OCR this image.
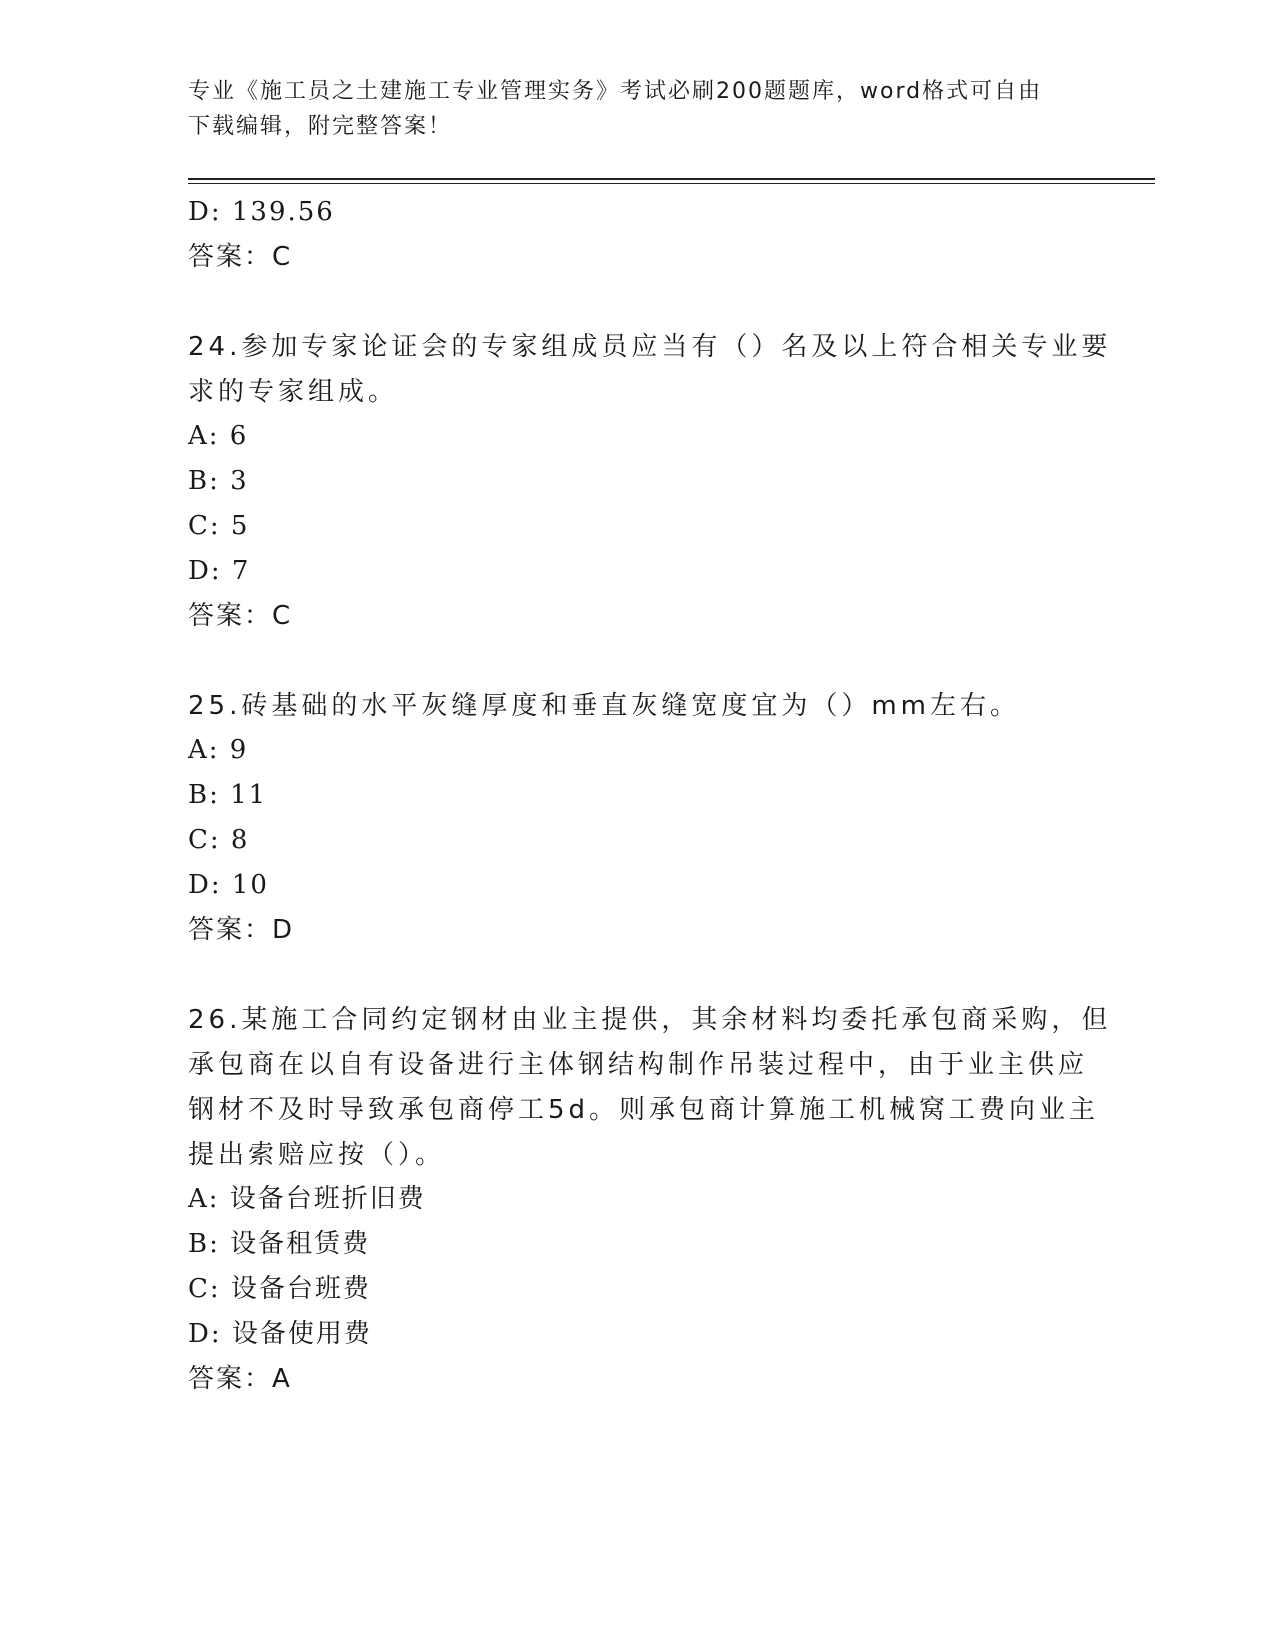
专业《施工员之土建施工专业管理实务》考试必刷200题题库，word格式可自由
下载编辑，附完整答案！
D: 139.56
答案：C
24.参加专家论证会的专家组成员应当有（）名及以上符合相关专业要
求的专家组成。
A: 6
B: 3
C: 5
D: 7
答案：C
25.砖基础的水平灰缝厚度和垂直灰缝宽度宜为（）mm左右。
A: 9
B: 11
C: 8
D: 10
答案：D
26.某施工合同约定钢材由业主提供，其余材料均委托承包商采购，但
承包商在以自有设备进行主体钢结构制作吊装过程中，由于业主供应
钢材不及时导致承包商停工5d。则承包商计算施工机械窝工费向业主
提出索赔应按（）。
A: 设备台班折旧费
B: 设备租赁费
C: 设备台班费
D: 设备使用费
答案：A
